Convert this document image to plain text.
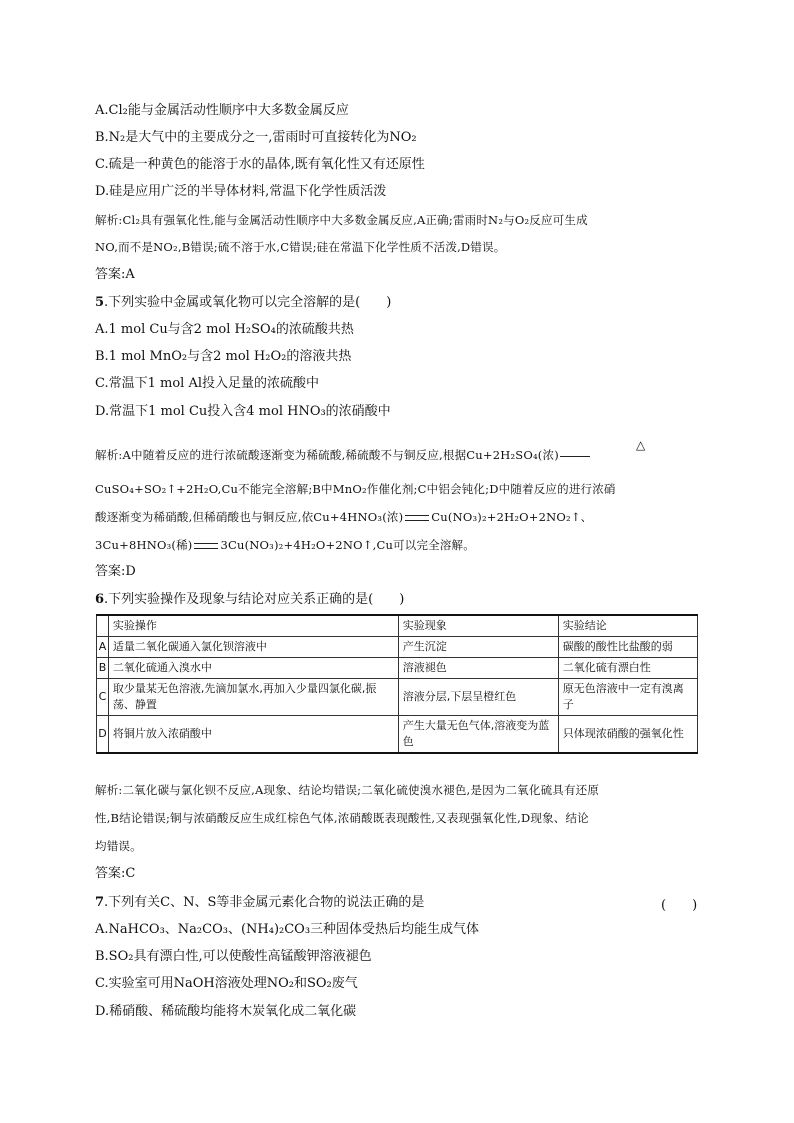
A.Cl₂能与金属活动性顺序中大多数金属反应
B.N₂是大气中的主要成分之一,雷雨时可直接转化为NO₂
C.硫是一种黄色的能溶于水的晶体,既有氧化性又有还原性
D.硅是应用广泛的半导体材料,常温下化学性质活泼
解析:Cl₂具有强氧化性,能与金属活动性顺序中大多数金属反应,A正确;雷雨时N₂与O₂反应可生成
NO,而不是NO₂,B错误;硫不溶于水,C错误;硅在常温下化学性质不活泼,D错误。
答案:A
5.下列实验中金属或氧化物可以完全溶解的是(　　)
A.1 mol Cu与含2 mol H₂SO₄的浓硫酸共热
B.1 mol MnO₂与含2 mol H₂O₂的溶液共热
C.常温下1 mol Al投入足量的浓硫酸中
D.常温下1 mol Cu投入含4 mol HNO₃的浓硝酸中
△
解析:A中随着反应的进行浓硫酸逐渐变为稀硫酸,稀硫酸不与铜反应,根据Cu+2H₂SO₄(浓)
CuSO₄+SO₂↑+2H₂O,Cu不能完全溶解;B中MnO₂作催化剂;C中铝会钝化;D中随着反应的进行浓硝
酸逐渐变为稀硝酸,但稀硝酸也与铜反应,依Cu+4HNO₃(浓) Cu(NO₃)₂+2H₂O+2NO₂↑、
3Cu+8HNO₃(稀) 3Cu(NO₃)₂+4H₂O+2NO↑,Cu可以完全溶解。
答案:D
6.下列实验操作及现象与结论对应关系正确的是(　　)
	实验操作	实验现象	实验结论
A	适量二氧化碳通入氯化钡溶液中	产生沉淀	碳酸的酸性比盐酸的弱
B	二氧化硫通入溴水中	溶液褪色	二氧化硫有漂白性
C	取少量某无色溶液,先滴加氯水,再加入少量四氯化碳,振荡、静置	溶液分层,下层呈橙红色	原无色溶液中一定有溴离子
D	将铜片放入浓硝酸中	产生大量无色气体,溶液变为蓝色	只体现浓硝酸的强氧化性
解析:二氧化碳与氯化钡不反应,A现象、结论均错误;二氧化硫使溴水褪色,是因为二氧化硫具有还原
性,B结论错误;铜与浓硝酸反应生成红棕色气体,浓硝酸既表现酸性,又表现强氧化性,D现象、结论
均错误。
答案:C
7.下列有关C、N、S等非金属元素化合物的说法正确的是	(　　)
A.NaHCO₃、Na₂CO₃、(NH₄)₂CO₃三种固体受热后均能生成气体
B.SO₂具有漂白性,可以使酸性高锰酸钾溶液褪色
C.实验室可用NaOH溶液处理NO₂和SO₂废气
D.稀硝酸、稀硫酸均能将木炭氧化成二氧化碳
